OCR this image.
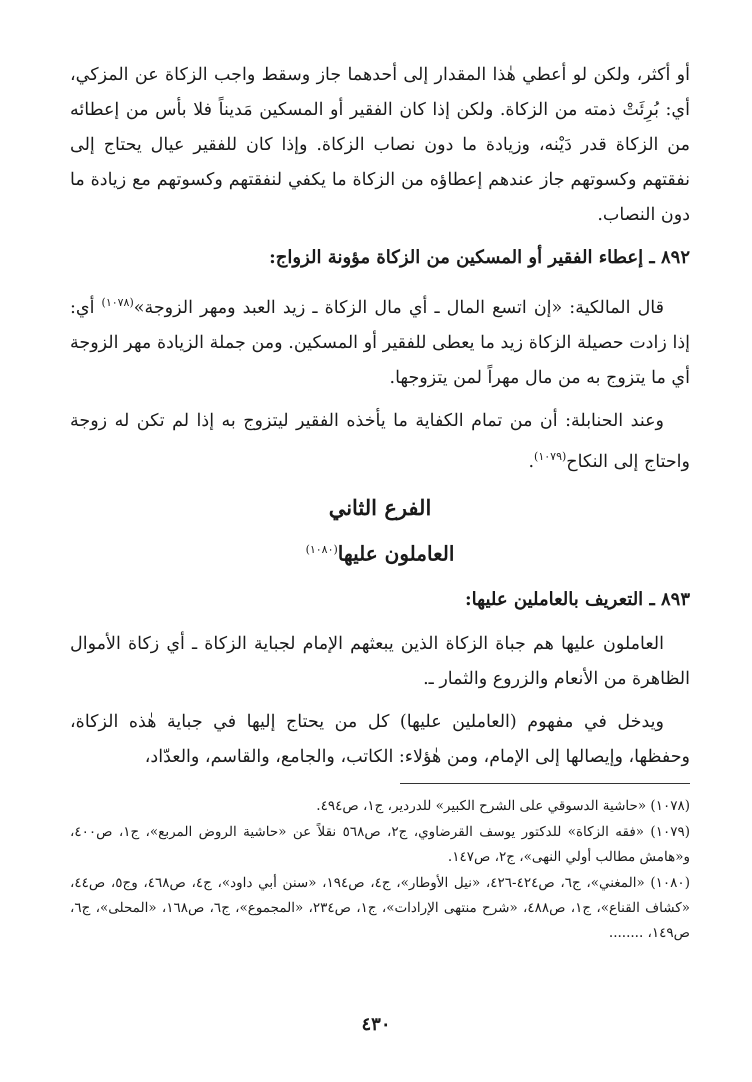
أو أكثر، ولكن لو أعطي هٰذا المقدار إلى أحدهما جاز وسقط واجب الزكاة عن المزكي، أي: بُرِئَتْ ذمته من الزكاة. ولكن إذا كان الفقير أو المسكين مَديناً فلا بأس من إعطائه من الزكاة قدر دَيْنه، وزيادة ما دون نصاب الزكاة. وإذا كان للفقير عيال يحتاج إلى نفقتهم وكسوتهم جاز عندهم إعطاؤه من الزكاة ما يكفي لنفقتهم وكسوتهم مع زيادة ما دون النصاب.

٨٩٢ ـ إعطاء الفقير أو المسكين من الزكاة مؤونة الزواج:

قال المالكية: «إن اتسع المال ـ أي مال الزكاة ـ زيد العبد ومهر الزوجة»$^{(١٠٧٨)}$ أي: إذا زادت حصيلة الزكاة زيد ما يعطى للفقير أو المسكين. ومن جملة الزيادة مهر الزوجة أي ما يتزوج به من مال مهراً لمن يتزوجها.

وعند الحنابلة: أن من تمام الكفاية ما يأخذه الفقير ليتزوج به إذا لم تكن له زوجة واحتاج إلى النكاح$^{(١٠٧٩)}$.

الفرع الثاني
العاملون عليها$^{(١٠٨٠)}$
٨٩٣ ـ التعريف بالعاملين عليها:

العاملون عليها هم جباة الزكاة الذين يبعثهم الإمام لجباية الزكاة ـ أي زكاة الأموال الظاهرة من الأنعام والزروع والثمار ـ.

ويدخل في مفهوم (العاملين عليها) كل من يحتاج إليها في جباية هٰذه الزكاة، وحفظها، وإيصالها إلى الإمام، ومن هٰؤلاء: الكاتب، والجامع، والقاسم، والعدّاد،

(١٠٧٨) «حاشية الدسوقي على الشرح الكبير» للدردير، ج١، ص٤٩٤.

(١٠٧٩) «فقه الزكاة» للدكتور يوسف القرضاوي، ج٢، ص٥٦٨ نقلاً عن «حاشية الروض المربع»، ج١، ص٤٠٠، و«هامش مطالب أولي النهى»، ج٢، ص١٤٧.

(١٠٨٠) «المغني»، ج٦، ص٤٢٤-٤٢٦، «نيل الأوطار»، ج٤، ص١٩٤، «سنن أبي داود»، ج٤، ص٤٦٨، وج٥، ص٤٤، «كشاف القناع»، ج١، ص٤٨٨، «شرح منتهى الإرادات»، ج١، ص٢٣٤، «المجموع»، ج٦، ص١٦٨، «المحلى»، ج٦، ص١٤٩، ........

٤٣٠
